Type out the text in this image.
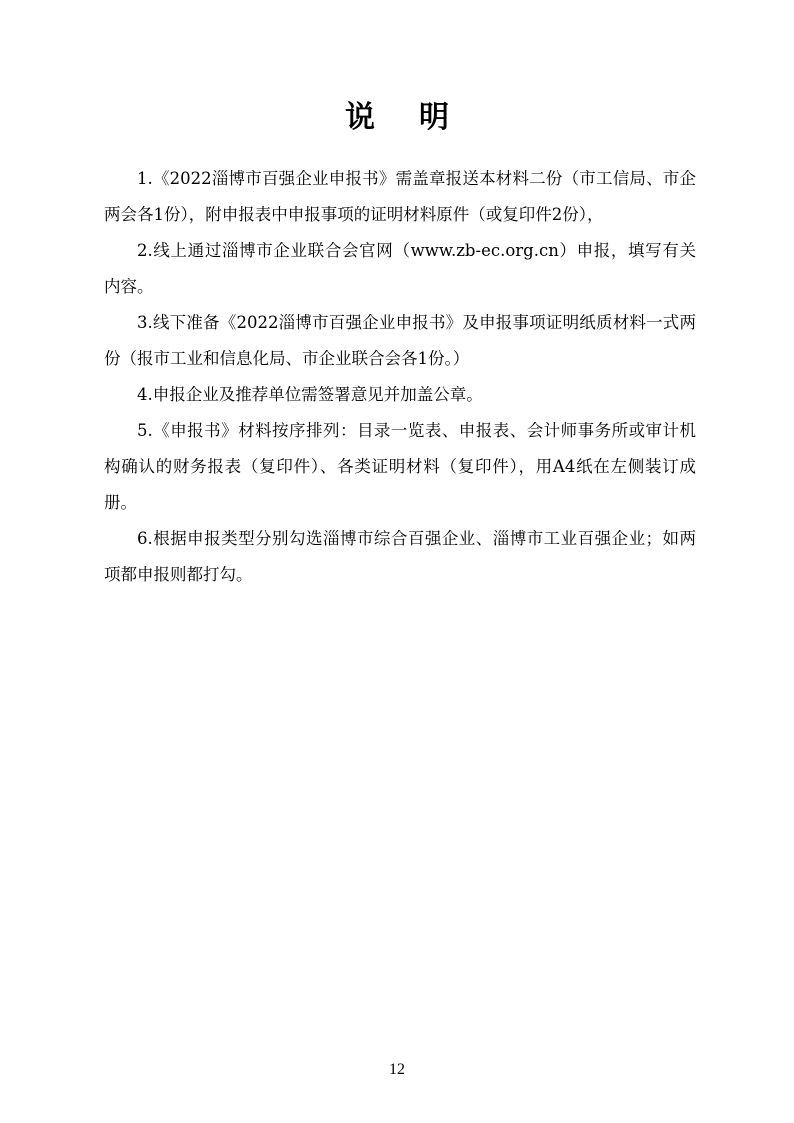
说 明

1.《2022淄博市百强企业申报书》需盖章报送本材料二份（市工信局、市企两会各1份），附申报表中申报事项的证明材料原件（或复印件2份），

2.线上通过淄博市企业联合会官网（www.zb-ec.org.cn）申报，填写有关内容。

3.线下准备《2022淄博市百强企业申报书》及申报事项证明纸质材料一式两份（报市工业和信息化局、市企业联合会各1份。）

4.申报企业及推荐单位需签署意见并加盖公章。

5.《申报书》材料按序排列：目录一览表、申报表、会计师事务所或审计机构确认的财务报表（复印件）、各类证明材料（复印件），用A4纸在左侧装订成册。

6.根据申报类型分别勾选淄博市综合百强企业、淄博市工业百强企业；如两项都申报则都打勾。

12
